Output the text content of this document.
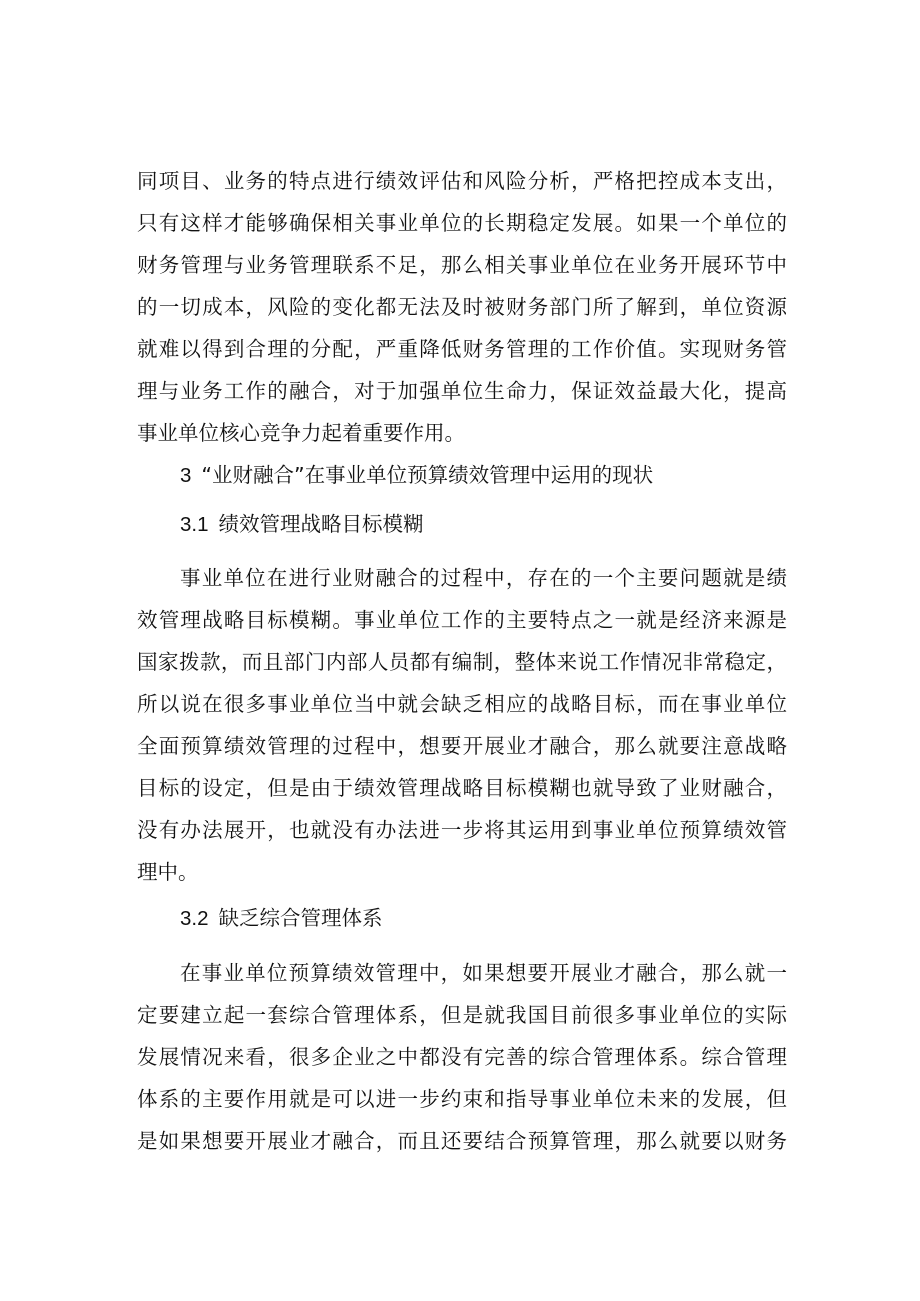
同项目、业务的特点进行绩效评估和风险分析，严格把控成本支出，
只有这样才能够确保相关事业单位的长期稳定发展。如果一个单位的
财务管理与业务管理联系不足，那么相关事业单位在业务开展环节中
的一切成本，风险的变化都无法及时被财务部门所了解到，单位资源
就难以得到合理的分配，严重降低财务管理的工作价值。实现财务管
理与业务工作的融合，对于加强单位生命力，保证效益最大化，提高
事业单位核心竞争力起着重要作用。
3 “业财融合”在事业单位预算绩效管理中运用的现状
3.1 绩效管理战略目标模糊
事业单位在进行业财融合的过程中，存在的一个主要问题就是绩
效管理战略目标模糊。事业单位工作的主要特点之一就是经济来源是
国家拨款，而且部门内部人员都有编制，整体来说工作情况非常稳定，
所以说在很多事业单位当中就会缺乏相应的战略目标，而在事业单位
全面预算绩效管理的过程中，想要开展业才融合，那么就要注意战略
目标的设定，但是由于绩效管理战略目标模糊也就导致了业财融合，
没有办法展开，也就没有办法进一步将其运用到事业单位预算绩效管
理中。
3.2 缺乏综合管理体系
在事业单位预算绩效管理中，如果想要开展业才融合，那么就一
定要建立起一套综合管理体系，但是就我国目前很多事业单位的实际
发展情况来看，很多企业之中都没有完善的综合管理体系。综合管理
体系的主要作用就是可以进一步约束和指导事业单位未来的发展，但
是如果想要开展业才融合，而且还要结合预算管理，那么就要以财务
